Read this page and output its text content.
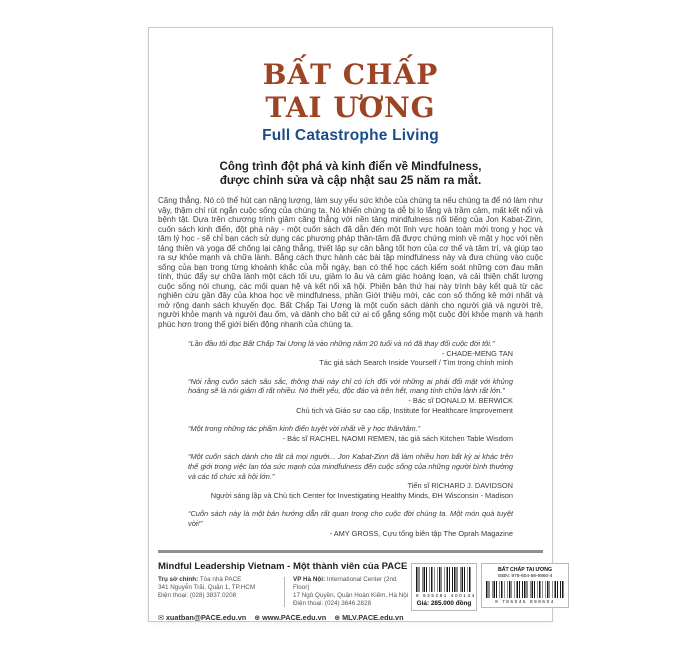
BẤT CHẤP
TAI ƯƠNG
Full Catastrophe Living
Công trình đột phá và kinh điển về Mindfulness,
được chỉnh sửa và cập nhật sau 25 năm ra mắt.

Căng thẳng. Nó có thể hút cạn năng lượng, làm suy yếu sức khỏe của chúng ta nếu chúng ta để nó làm như vậy, thậm chí rút ngắn cuộc sống của chúng ta. Nó khiến chúng ta dễ bị lo lắng và trầm cảm, mất kết nối và bệnh tật. Dựa trên chương trình giảm căng thẳng với nền tảng mindfulness nổi tiếng của Jon Kabat-Zinn, cuốn sách kinh điển, đột phá này - một cuốn sách đã dẫn đến một lĩnh vực hoàn toàn mới trong y học và tâm lý học - sẽ chỉ bạn cách sử dụng các phương pháp thân-tâm đã được chứng minh về mặt y học với nền tảng thiền và yoga để chống lại căng thẳng, thiết lập sự cân bằng tốt hơn của cơ thể và tâm trí, và giúp tạo ra sự khỏe mạnh và chữa lành. Bằng cách thực hành các bài tập mindfulness này và đưa chúng vào cuộc sống của bạn trong từng khoảnh khắc của mỗi ngày, bạn có thể học cách kiểm soát những cơn đau mãn tính, thúc đẩy sự chữa lành một cách tối ưu, giảm lo âu và cảm giác hoảng loạn, và cải thiện chất lượng cuộc sống nói chung, các mối quan hệ và kết nối xã hội. Phiên bản thứ hai này trình bày kết quả từ các nghiên cứu gần đây của khoa học về mindfulness, phần Giới thiệu mới, các con số thống kê mới nhất và mở rộng danh sách khuyến đọc. Bất Chấp Tai Ương là một cuốn sách dành cho người già và người trẻ, người khỏe mạnh và người đau ốm, và dành cho bất cứ ai cố gắng sống một cuộc đời khỏe mạnh và hạnh phúc hơn trong thế giới biến động nhanh của chúng ta.

“Lần đầu tôi đọc Bất Chấp Tai Ương là vào những năm 20 tuổi và nó đã thay đổi cuộc đời tôi.”
- CHADE-MENG TAN
Tác giả sách Search Inside Yourself / Tìm trong chính mình
“Nói rằng cuốn sách sâu sắc, thông thái này chỉ có ích đối với những ai phải đối mặt với khủng hoảng sẽ là nói giảm đi rất nhiều. Nó thiết yếu, độc đáo và trên hết, mang tính chữa lành rất lớn.”
- Bác sĩ DONALD M. BERWICK
Chủ tịch và Giáo sư cao cấp, Institute for Healthcare Improvement
“Một trong những tác phẩm kinh điển tuyệt vời nhất về y học thân/tâm.”
- Bác sĩ RACHEL NAOMI REMEN, tác giả sách Kitchen Table Wisdom
“Một cuốn sách dành cho tất cả mọi người... Jon Kabat-Zinn đã làm nhiều hơn bất kỳ ai khác trên thế giới trong việc lan tỏa sức mạnh của mindfulness đến cuộc sống của những người bình thường và các tổ chức xã hội lớn.”
Tiến sĩ RICHARD J. DAVIDSON
Người sáng lập và Chủ tịch Center for Investigating Healthy Minds, ĐH Wisconsin - Madison
“Cuốn sách này là một bản hướng dẫn rất quan trọng cho cuộc đời chúng ta. Một món quà tuyệt vời!”
- AMY GROSS, Cựu tổng biên tập The Oprah Magazine
Mindful Leadership Vietnam - Một thành viên của PACE
Trụ sở chính: Tòa nhà PACE
341 Nguyễn Trãi, Quận 1, TP.HCM
Điện thoại: (028) 3837.0208
VP Hà Nội: International Center (2nd Floor)
17 Ngô Quyền, Quận Hoàn Kiếm, Hà Nội
Điện thoại: (024) 3646.2828
✉ xuatban@PACE.edu.vn ⊕ www.PACE.edu.vn ⊕ MLV.PACE.edu.vn
8 935281 400134
Giá: 285.000 đồng
BẤT CHẤP TAI ƯƠNG
ISBN: 978-604-58-9860-4
9 786045 898604
